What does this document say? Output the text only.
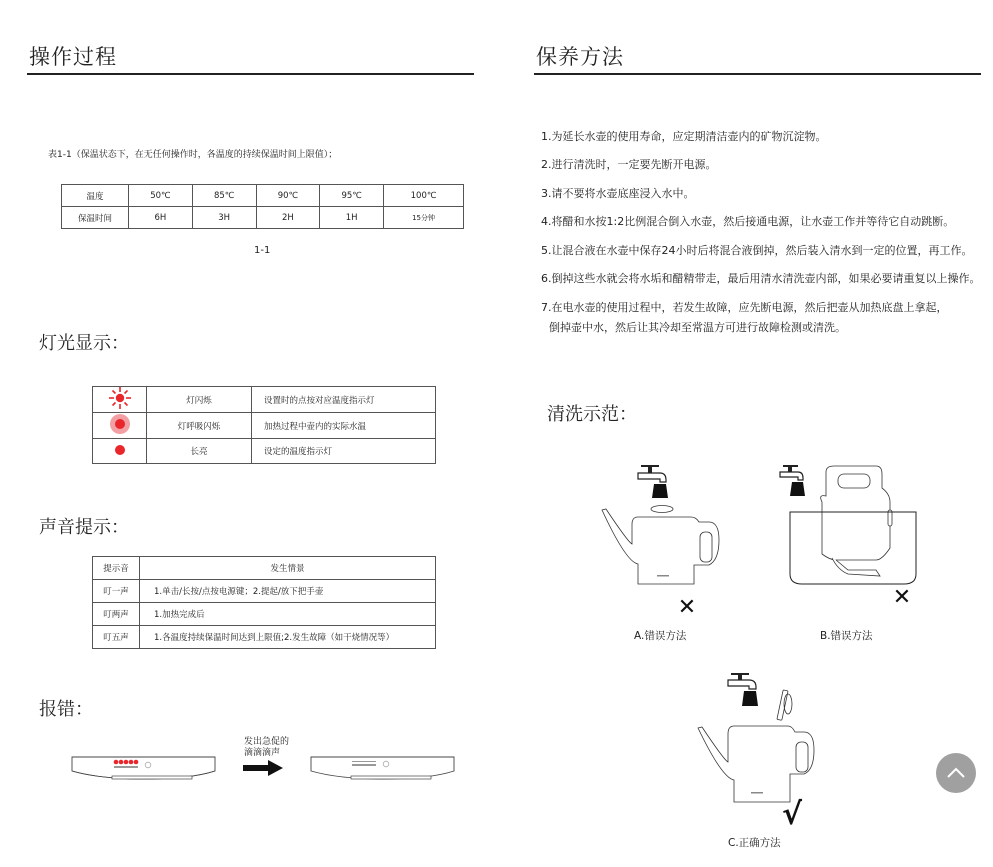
操作过程
表1-1（保温状态下，在无任何操作时，各温度的持续保温时间上限值）；
温度	50℃	85℃	90℃	95℃	100℃
保温时间	6H	3H	2H	1H	15分钟
1-1
灯光显示：
	灯闪烁	设置时的点按对应温度指示灯
	灯呼吸闪烁	加热过程中壶内的实际水温
	长亮	设定的温度指示灯
声音提示：
提示音	发生情景
叮一声	1.单击/长按/点按电源键；2.提起/放下把手壶
叮两声	1.加热完成后
叮五声	1.各温度持续保温时间达到上限值;2.发生故障（如干烧情况等）
报错：
发出急促的
滴滴滴声
保养方法
1.为延长水壶的使用寿命，应定期清洁壶内的矿物沉淀物。
2.进行清洗时，一定要先断开电源。
3.请不要将水壶底座浸入水中。
4.将醋和水按1:2比例混合倒入水壶，然后接通电源，让水壶工作并等待它自动跳断。
5.让混合液在水壶中保存24小时后将混合液倒掉，然后装入清水到一定的位置，再工作。
6.倒掉这些水就会将水垢和醋精带走，最后用清水清洗壶内部，如果必要请重复以上操作。
7.在电水壶的使用过程中，若发生故障，应先断电源，然后把壶从加热底盘上拿起，
倒掉壶中水，然后让其冷却至常温方可进行故障检测或清洗。
清洗示范：
✕	✕
A.错误方法	B.错误方法
√
C.正确方法
